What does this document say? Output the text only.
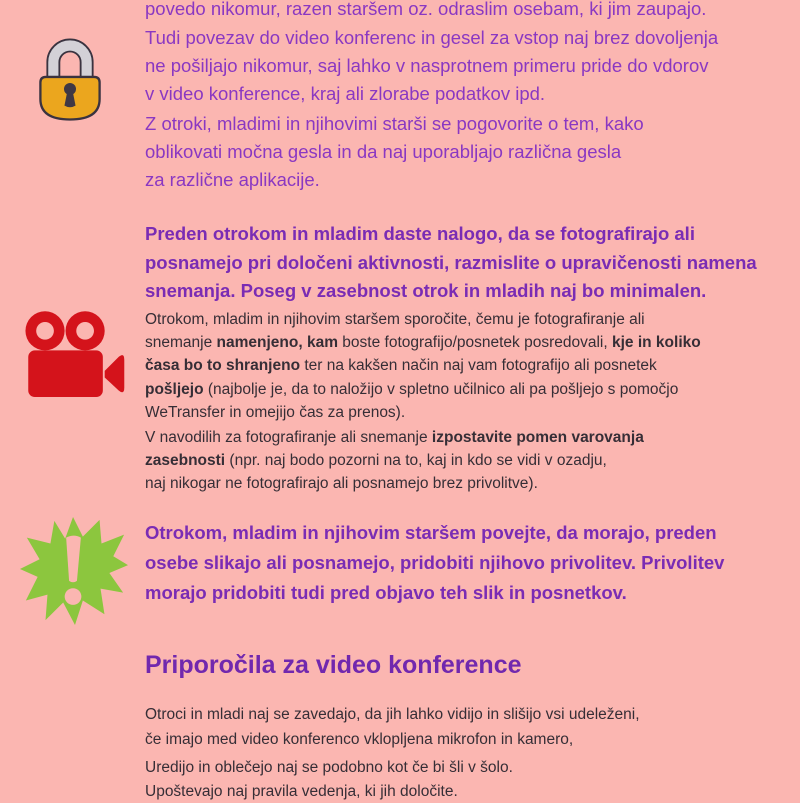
povedo nikomur, razen staršem oz. odraslim osebam, ki jim zaupajo.
Tudi povezav do video konferenc in gesel za vstop naj brez dovoljenja
ne pošiljajo nikomur, saj lahko v nasprotnem primeru pride do vdorov
v video konference, kraj ali zlorabe podatkov ipd.
Z otroki, mladimi in njihovimi starši se pogovorite o tem, kako
oblikovati močna gesla in da naj uporabljajo različna gesla
za različne aplikacije.
Preden otrokom in mladim daste nalogo, da se fotografirajo ali
posnamejo pri določeni aktivnosti, razmislite o upravičenosti namena
snemanja. Poseg v zasebnost otrok in mladih naj bo minimalen.
Otrokom, mladim in njihovim staršem sporočite, čemu je fotografiranje ali
snemanje namenjeno, kam boste fotografijo/posnetek posredovali, kje in koliko
časa bo to shranjeno ter na kakšen način naj vam fotografijo ali posnetek
pošljejo (najbolje je, da to naložijo v spletno učilnico ali pa pošljejo s pomočjo
WeTransfer in omejijo čas za prenos).
V navodilih za fotografiranje ali snemanje izpostavite pomen varovanja
zasebnosti (npr. naj bodo pozorni na to, kaj in kdo se vidi v ozadju,
naj nikogar ne fotografirajo ali posnamejo brez privolitve).
Otrokom, mladim in njihovim staršem povejte, da morajo, preden
osebe slikajo ali posnamejo, pridobiti njihovo privolitev. Privolitev
morajo pridobiti tudi pred objavo teh slik in posnetkov.
Priporočila za video konference
Otroci in mladi naj se zavedajo, da jih lahko vidijo in slišijo vsi udeleženi,
če imajo med video konferenco vklopljena mikrofon in kamero,
Uredijo in oblečejo naj se podobno kot če bi šli v šolo.
Upoštevajo naj pravila vedenja, ki jih določite.
